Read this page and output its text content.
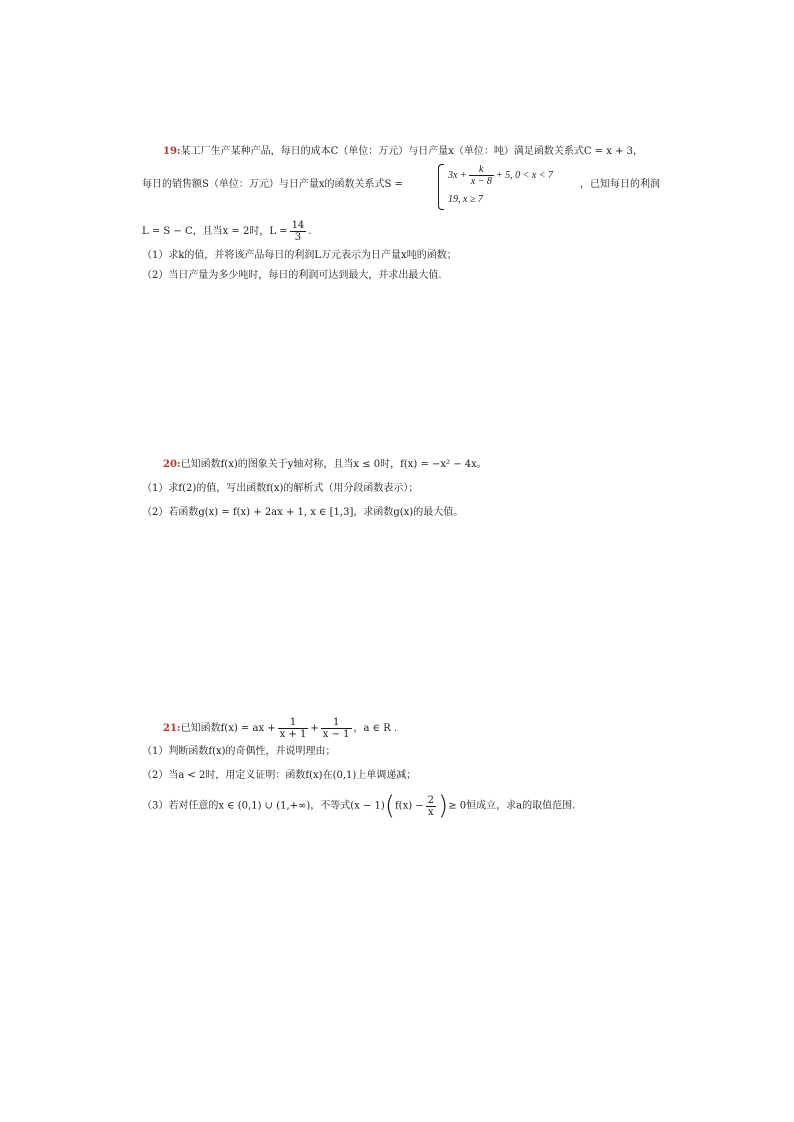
19:某工厂生产某种产品，每日的成本C（单位：万元）与日产量x（单位：吨）满足函数关系式C = x + 3，
每日的销售额S（单位：万元）与日产量x的函数关系式S =
$3x + \frac{k}{x - 8} + 5$, 0 < x < 7
19, x ≥ 7
，已知每日的利润
L = S − C，且当x = 2时，$L = \frac{14}{3}$ .
（1）求k的值，并将该产品每日的利润L万元表示为日产量x吨的函数；
（2）当日产量为多少吨时，每日的利润可达到最大，并求出最大值.
20:已知函数f(x)的图象关于y轴对称，且当x ≤ 0时，f(x) = −x² − 4x。
（1）求f(2)的值，写出函数f(x)的解析式（用分段函数表示）；
（2）若函数g(x) = f(x) + 2ax + 1, x ∈ [1,3]，求函数g(x)的最大值。
21:已知函数f(x) = ax + $\frac{1}{x + 1} + \frac{1}{x - 1}$ ，a ∈ R .
（1）判断函数f(x)的奇偶性，并说明理由；
（2）当a < 2时，用定义证明：函数f(x)在(0,1)上单调递减；
（3）若对任意的x ∈ (0,1) ∪ (1,+∞)，不等式$(x - 1)(f(x) - \frac{2}{x}$ )≥ 0恒成立，求a的取值范围.
